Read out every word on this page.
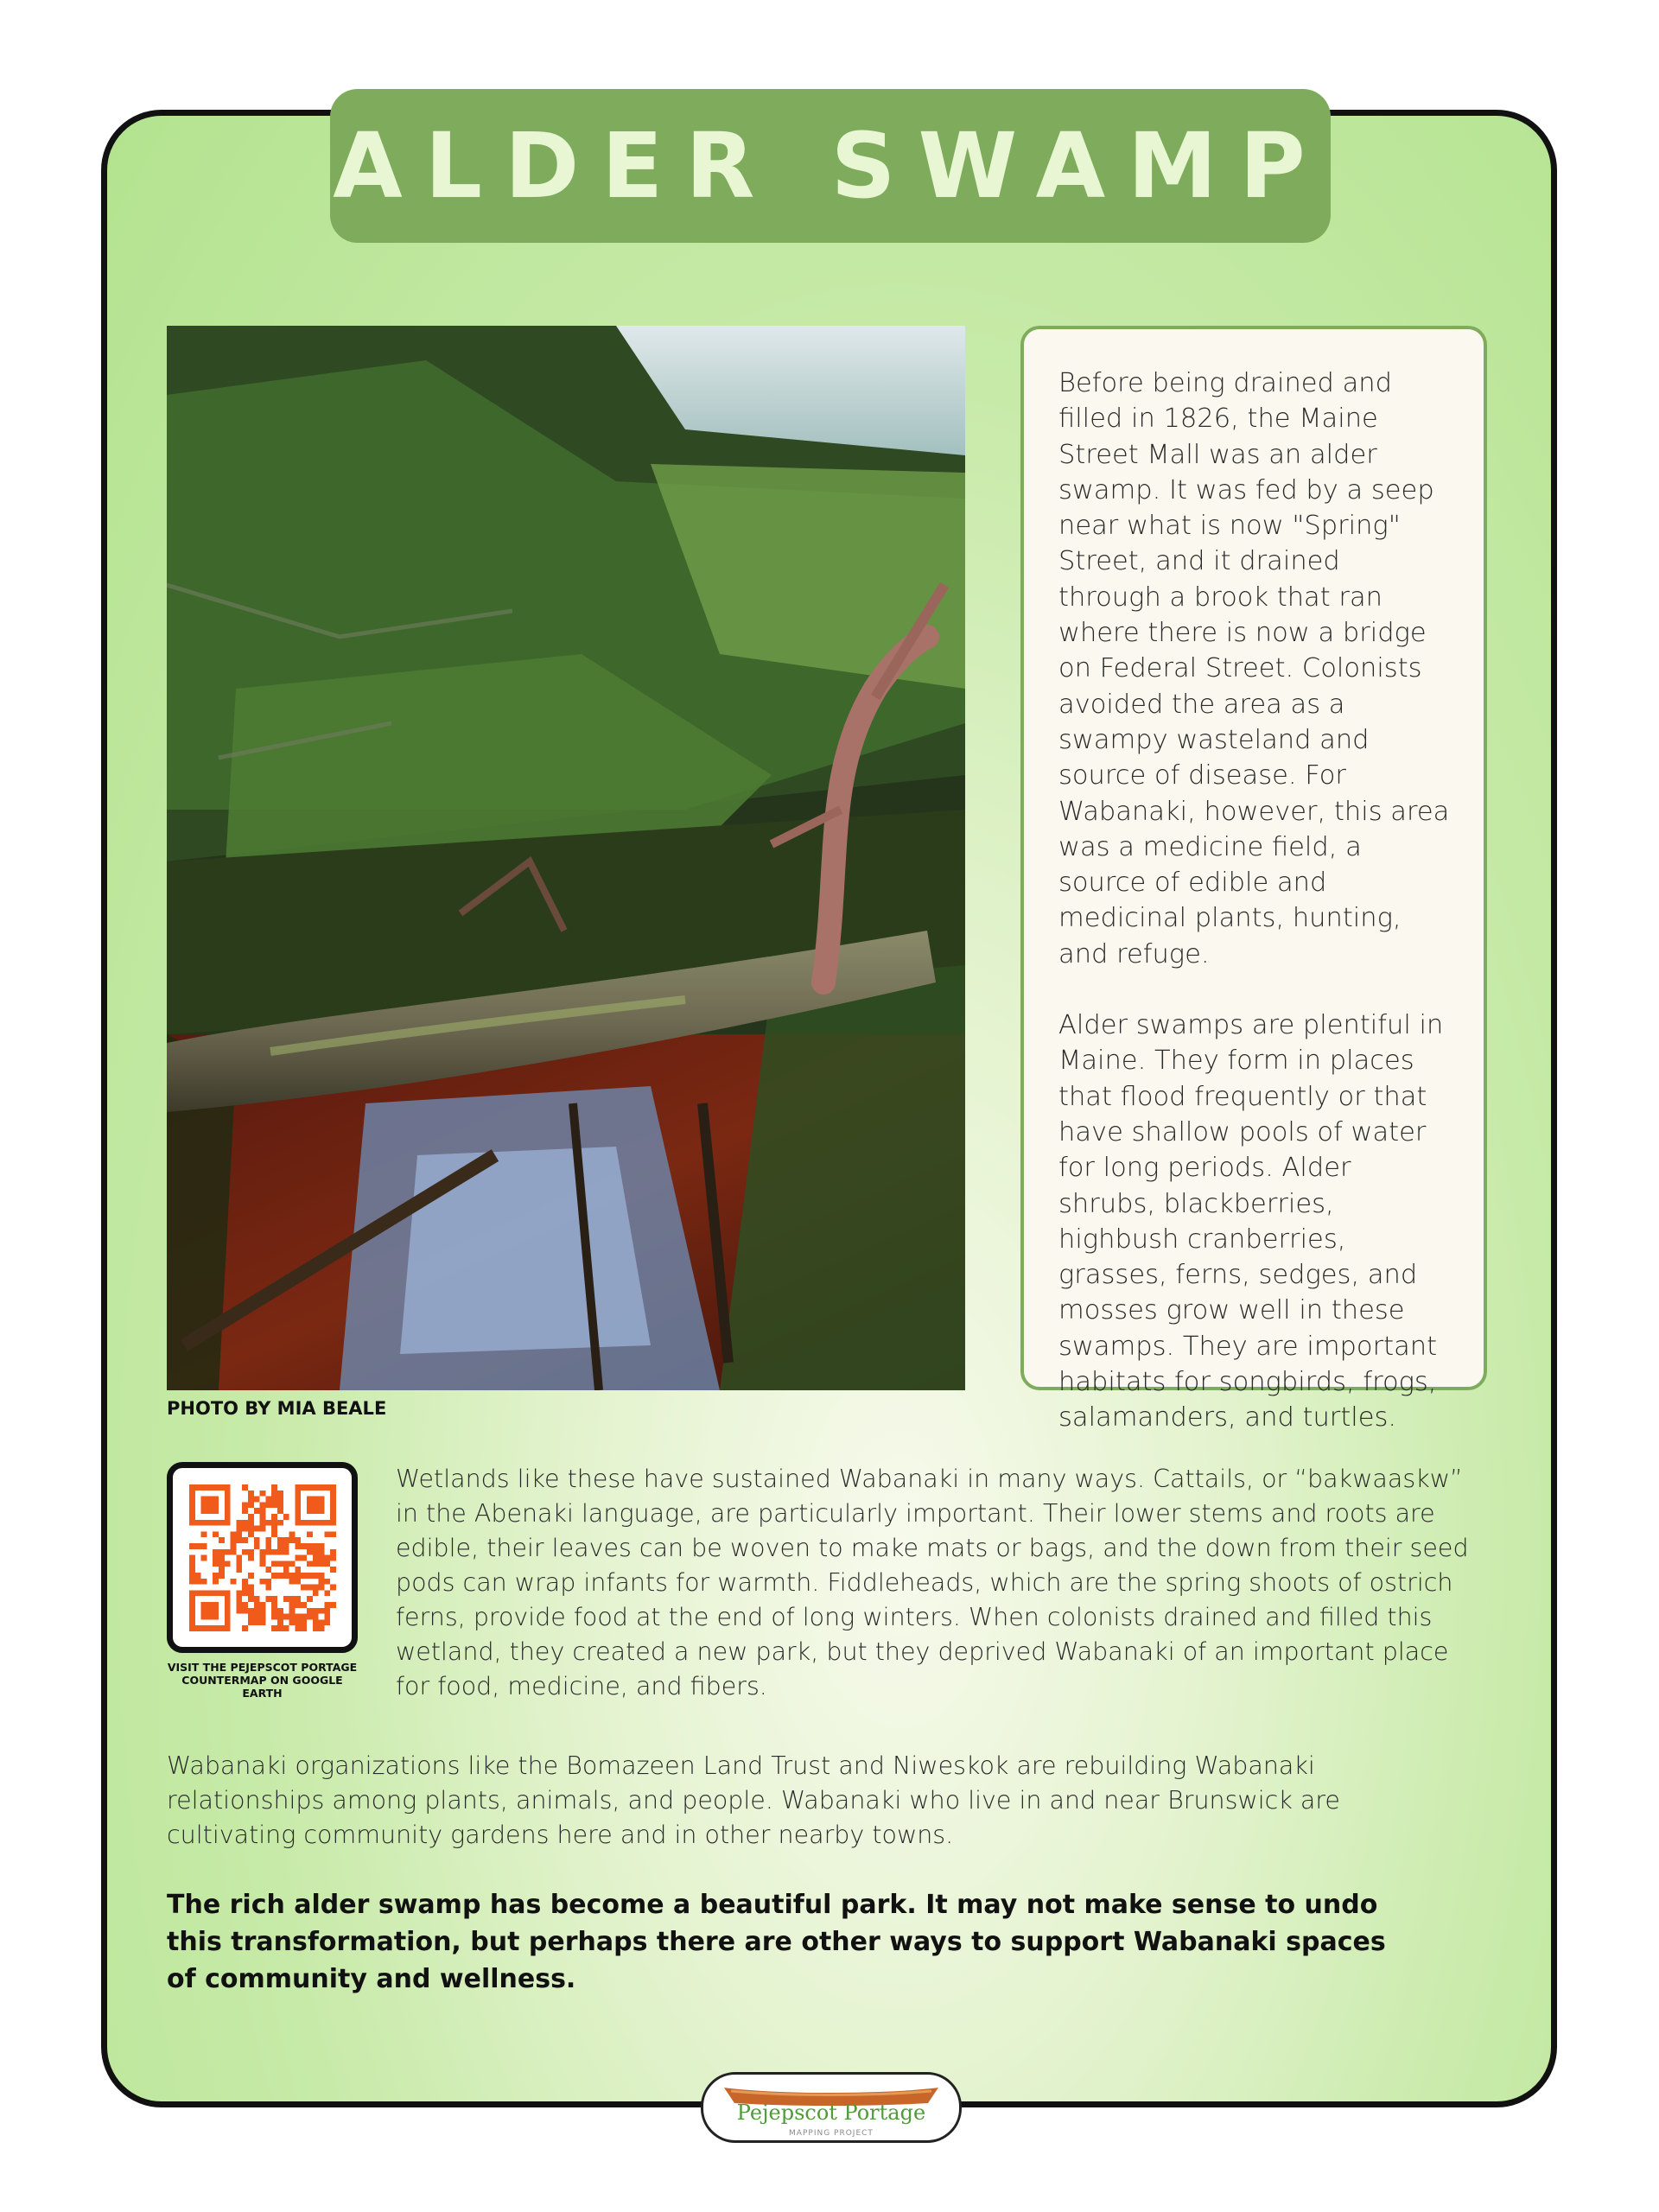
ALDER SWAMP
PHOTO BY MIA BEALE

Before being drained and filled in 1826, the Maine Street Mall was an alder swamp. It was fed by a seep near what is now "Spring" Street, and it drained through a brook that ran where there is now a bridge on Federal Street. Colonists avoided the area as a swampy wasteland and source of disease. For Wabanaki, however, this area was a medicine field, a source of edible and medicinal plants, hunting, and refuge.

Alder swamps are plentiful in Maine. They form in places that flood frequently or that have shallow pools of water for long periods. Alder shrubs, blackberries, highbush cranberries, grasses, ferns, sedges, and mosses grow well in these swamps. They are important habitats for songbirds, frogs, salamanders, and turtles.

VISIT THE PEJEPSCOT PORTAGE COUNTERMAP ON GOOGLE EARTH

Wetlands like these have sustained Wabanaki in many ways. Cattails, or “bakwaaskw” in the Abenaki language, are particularly important. Their lower stems and roots are edible, their leaves can be woven to make mats or bags, and the down from their seed pods can wrap infants for warmth. Fiddleheads, which are the spring shoots of ostrich ferns, provide food at the end of long winters. When colonists drained and filled this wetland, they created a new park, but they deprived Wabanaki of an important place for food, medicine, and fibers.

Wabanaki organizations like the Bomazeen Land Trust and Niweskok are rebuilding Wabanaki relationships among plants, animals, and people. Wabanaki who live in and near Brunswick are cultivating community gardens here and in other nearby towns.

The rich alder swamp has become a beautiful park. It may not make sense to undo this transformation, but perhaps there are other ways to support Wabanaki spaces of community and wellness.

Pejepscot Portage
MAPPING PROJECT
